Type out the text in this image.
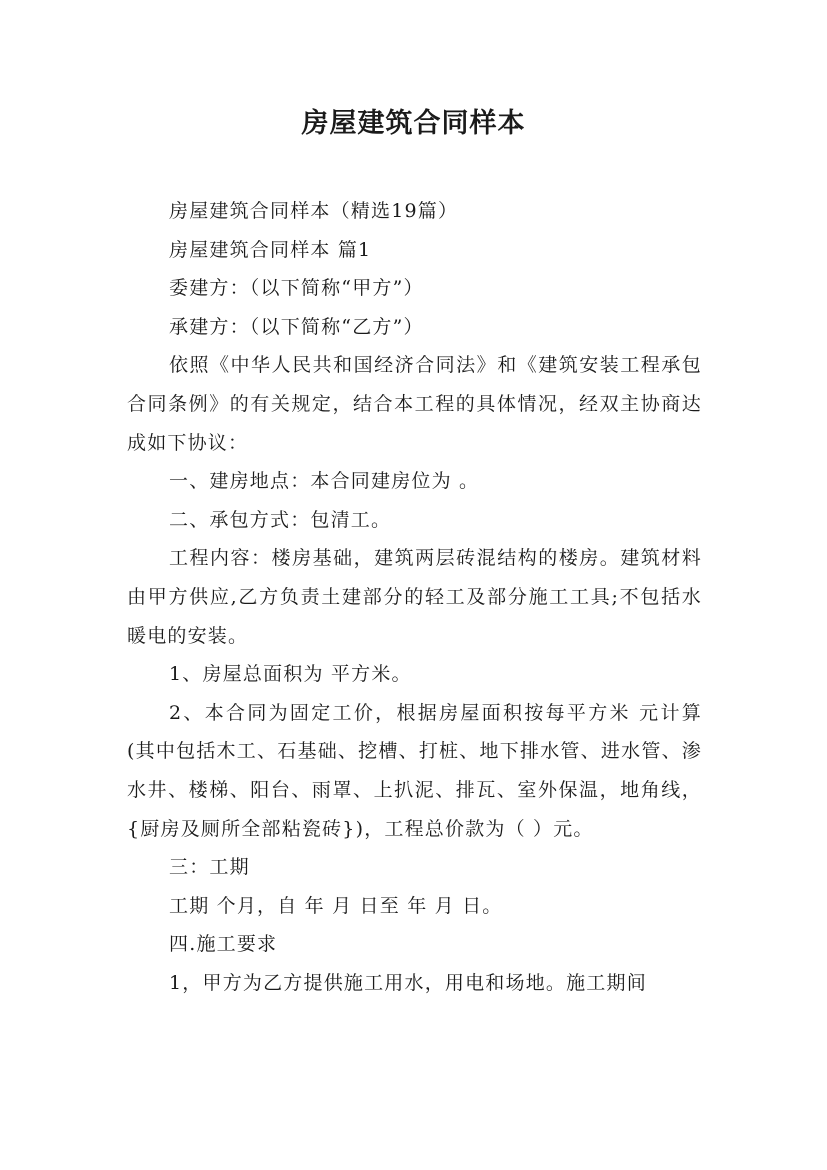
房屋建筑合同样本

房屋建筑合同样本（精选19篇）

房屋建筑合同样本 篇1

委建方：（以下简称“甲方”）

承建方：（以下简称“乙方”）

依照《中华人民共和国经济合同法》和《建筑安装工程承包合同条例》的有关规定，结合本工程的具体情况，经双主协商达成如下协议：

一、建房地点：本合同建房位为 。

二、承包方式：包清工。

工程内容：楼房基础，建筑两层砖混结构的楼房。建筑材料由甲方供应,乙方负责土建部分的轻工及部分施工工具;不包括水暖电的安装。

1、房屋总面积为 平方米。

2、本合同为固定工价，根据房屋面积按每平方米 元计算(其中包括木工、石基础、挖槽、打桩、地下排水管、进水管、渗水井、楼梯、阳台、雨罩、上扒泥、排瓦、室外保温，地角线，{厨房及厕所全部粘瓷砖})，工程总价款为（ ）元。

三：工期

工期 个月，自 年 月 日至 年 月 日。

四.施工要求

1，甲方为乙方提供施工用水，用电和场地。施工期间
